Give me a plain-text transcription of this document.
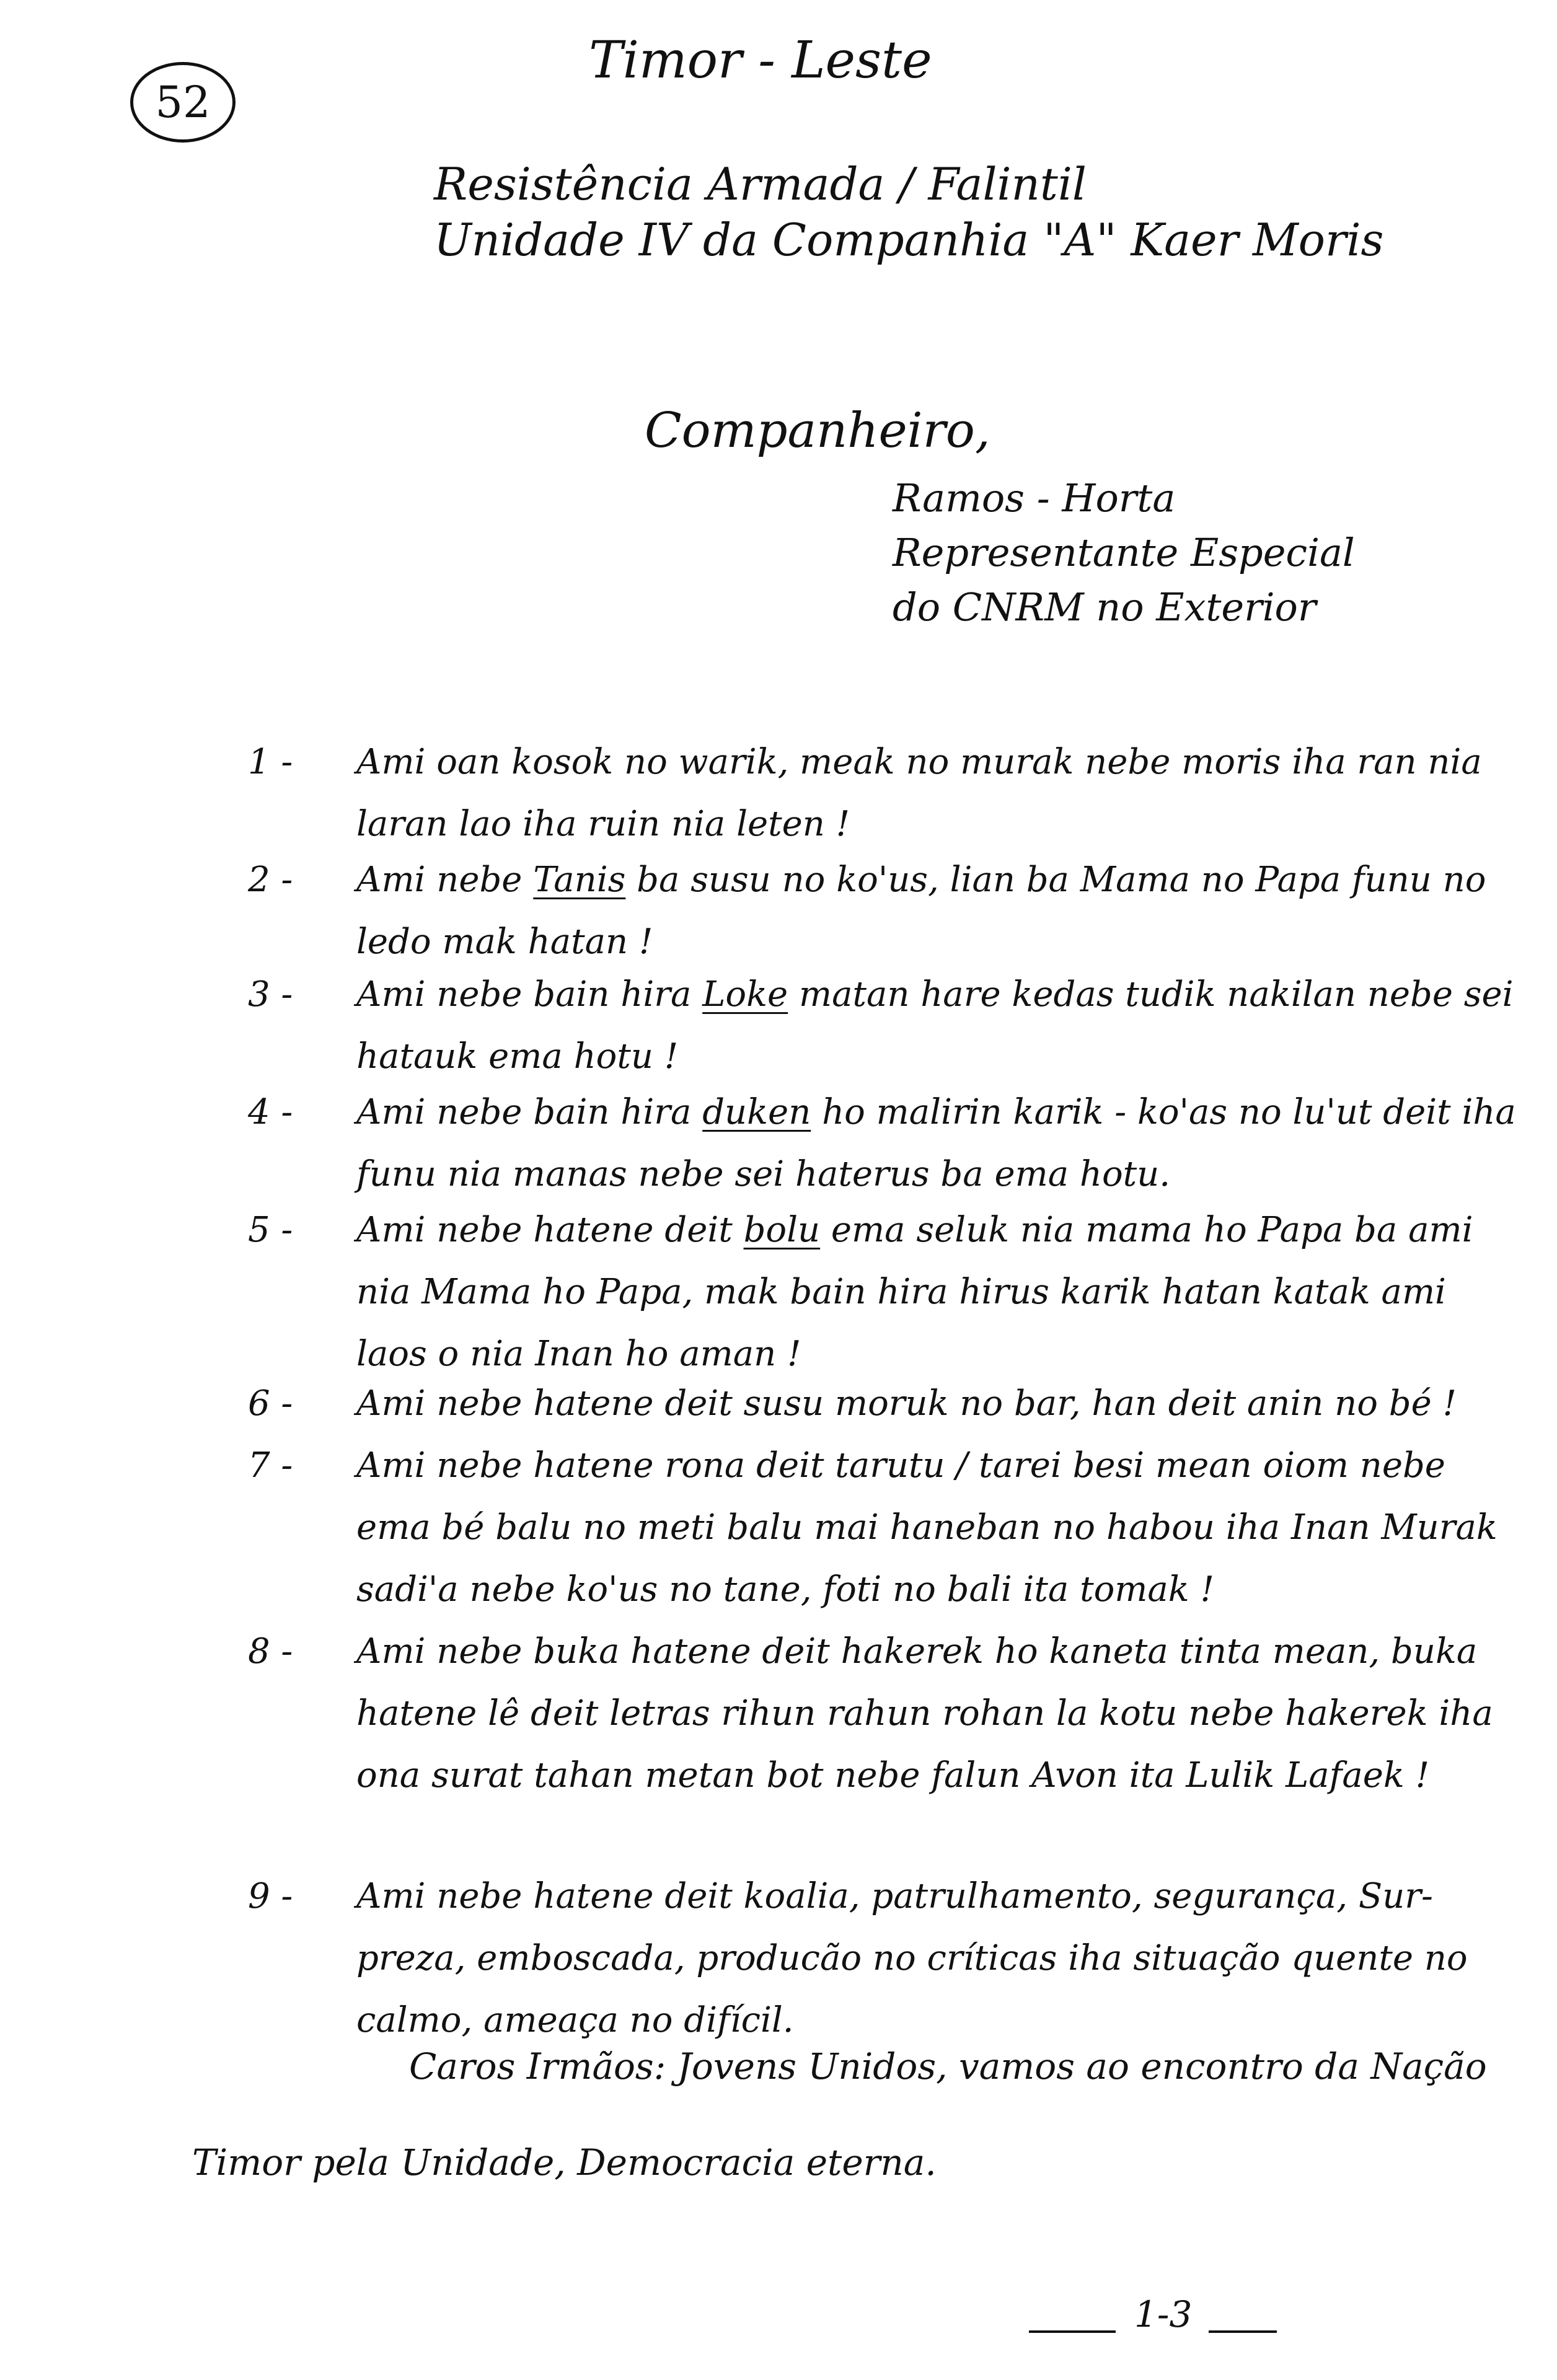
52
Timor - Leste
Resistência Armada / Falintil
Unidade IV da Companhia "A" Kaer Moris
Companheiro,
Ramos - Horta
Representante Especial
do CNRM no Exterior
1 -	Ami oan kosok no warik, meak no murak nebe moris iha ran nia laran lao iha ruin nia leten !
2 -	Ami nebe Tanis ba susu no ko'us, lian ba Mama no Papa funu no ledo mak hatan !
3 -	Ami nebe bain hira Loke matan hare kedas tudik nakilan nebe sei hatauk ema hotu !
4 -	Ami nebe bain hira duken ho malirin karik - ko'as no lu'ut deit iha funu nia manas nebe sei haterus ba ema hotu.
5 -	Ami nebe hatene deit bolu ema seluk nia mama ho Papa ba ami nia Mama ho Papa, mak bain hira hirus karik hatan katak ami laos o nia Inan ho aman !
6 -	Ami nebe hatene deit susu moruk no bar, han deit anin no bé !
7 -	Ami nebe hatene rona deit tarutu / tarei besi mean oiom nebe ema bé balu no meti balu mai haneban no habou iha Inan Murak sadi'a nebe ko'us no tane, foti no bali ita tomak !
8 -	Ami nebe buka hatene deit hakerek ho kaneta tinta mean, buka hatene lê deit letras rihun rahun rohan la kotu nebe hakerek iha ona surat tahan metan bot nebe falun Avon ita Lulik Lafaek !
9 -	Ami nebe hatene deit koalia, patrulhamento, segurança, Sur-preza, emboscada, producão no críticas iha situação quente no calmo, ameaça no difícil.
Caros Irmãos: Jovens Unidos, vamos ao encontro da Nação
Timor pela Unidade, Democracia eterna.
1-3
